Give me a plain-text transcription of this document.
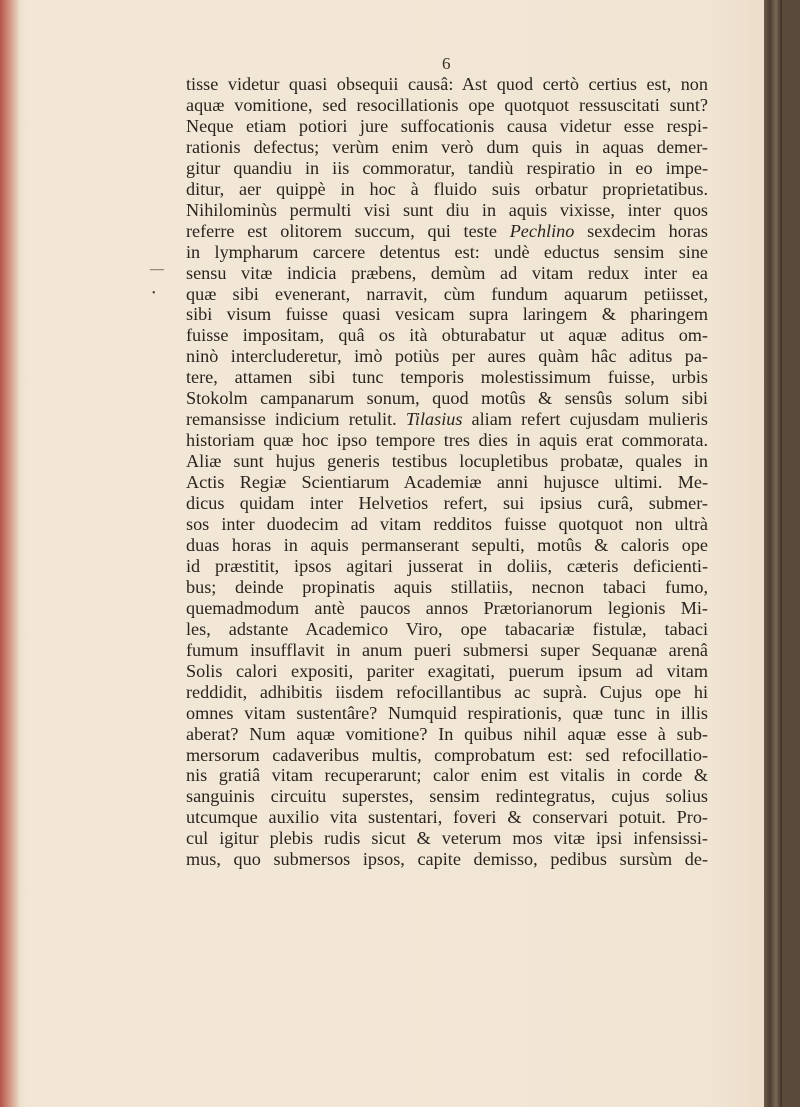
6
—
•
tisse videtur quasi obsequii causâ: Ast quod certò certius est, non
aquæ vomitione, sed resocillationis ope quotquot ressuscitati sunt?
Neque etiam potiori jure suffocationis causa videtur esse respi-
rationis defectus; verùm enim verò dum quis in aquas demer-
gitur quandiu in iis commoratur, tandiù respiratio in eo impe-
ditur, aer quippè in hoc à fluido suis orbatur proprietatibus.
Nihilominùs permulti visi sunt diu in aquis vixisse, inter quos
referre est olitorem succum, qui teste Pechlino sexdecim horas
in lympharum carcere detentus est: undè eductus sensim sine
sensu vitæ indicia præbens, demùm ad vitam redux inter ea
quæ sibi evenerant, narravit, cùm fundum aquarum petiisset,
sibi visum fuisse quasi vesicam supra laringem & pharingem
fuisse impositam, quâ os ità obturabatur ut aquæ aditus om-
ninò intercluderetur, imò potiùs per aures quàm hâc aditus pa-
tere, attamen sibi tunc temporis molestissimum fuisse, urbis
Stokolm campanarum sonum, quod motûs & sensûs solum sibi
remansisse indicium retulit. Tilasius aliam refert cujusdam mulieris
historiam quæ hoc ipso tempore tres dies in aquis erat commorata.
Aliæ sunt hujus generis testibus locupletibus probatæ, quales in
Actis Regiæ Scientiarum Academiæ anni hujusce ultimi. Me-
dicus quidam inter Helvetios refert, sui ipsius curâ, submer-
sos inter duodecim ad vitam redditos fuisse quotquot non ultrà
duas horas in aquis permanserant sepulti, motûs & caloris ope
id præstitit, ipsos agitari jusserat in doliis, cæteris deficienti-
bus; deinde propinatis aquis stillatiis, necnon tabaci fumo,
quemadmodum antè paucos annos Prætorianorum legionis Mi-
les, adstante Academico Viro, ope tabacariæ fistulæ, tabaci
fumum insufflavit in anum pueri submersi super Sequanæ arenâ
Solis calori expositi, pariter exagitati, puerum ipsum ad vitam
reddidit, adhibitis iisdem refocillantibus ac suprà. Cujus ope hi
omnes vitam sustentâre? Numquid respirationis, quæ tunc in illis
aberat? Num aquæ vomitione? In quibus nihil aquæ esse à sub-
mersorum cadaveribus multis, comprobatum est: sed refocillatio-
nis gratiâ vitam recuperarunt; calor enim est vitalis in corde &
sanguinis circuitu superstes, sensim redintegratus, cujus solius
utcumque auxilio vita sustentari, foveri & conservari potuit. Pro-
cul igitur plebis rudis sicut & veterum mos vitæ ipsi infensissi-
mus, quo submersos ipsos, capite demisso, pedibus sursùm de-
